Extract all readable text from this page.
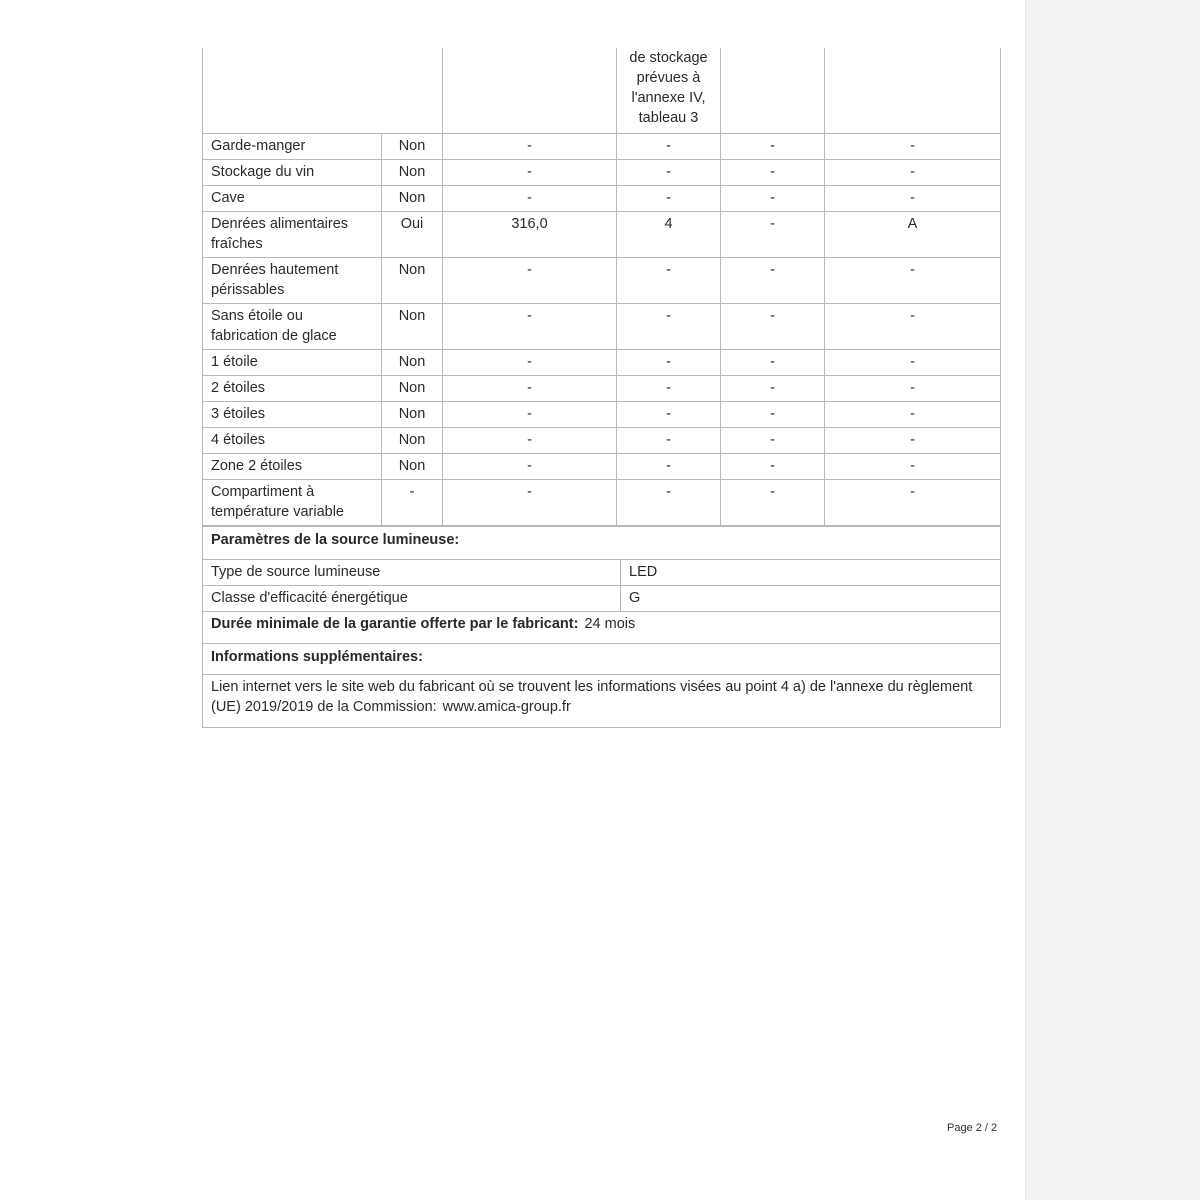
			de stockage
prévues à
l'annexe IV,
tableau 3		

Garde-manger	Non	-	-	-	-
Stockage du vin	Non	-	-	-	-
Cave	Non	-	-	-	-
Denrées alimentaires fraîches	Oui	316,0	4	-	A
Denrées hautement périssables	Non	-	-	-	-
Sans étoile ou fabrication de glace	Non	-	-	-	-
1 étoile	Non	-	-	-	-
2 étoiles	Non	-	-	-	-
3 étoiles	Non	-	-	-	-
4 étoiles	Non	-	-	-	-
Zone 2 étoiles	Non	-	-	-	-
Compartiment à température variable	-	-	-	-	-
Paramètres de la source lumineuse:	
Type de source lumineuse	LED
Classe d'efficacité énergétique	G
Durée minimale de la garantie offerte par le fabricant: 24 mois	
Informations supplémentaires:	
Lien internet vers le site web du fabricant où se trouvent les informations visées au point 4 a) de l'annexe du règlement (UE) 2019/2019 de la Commission: www.amica-group.fr	
Page 2 / 2
